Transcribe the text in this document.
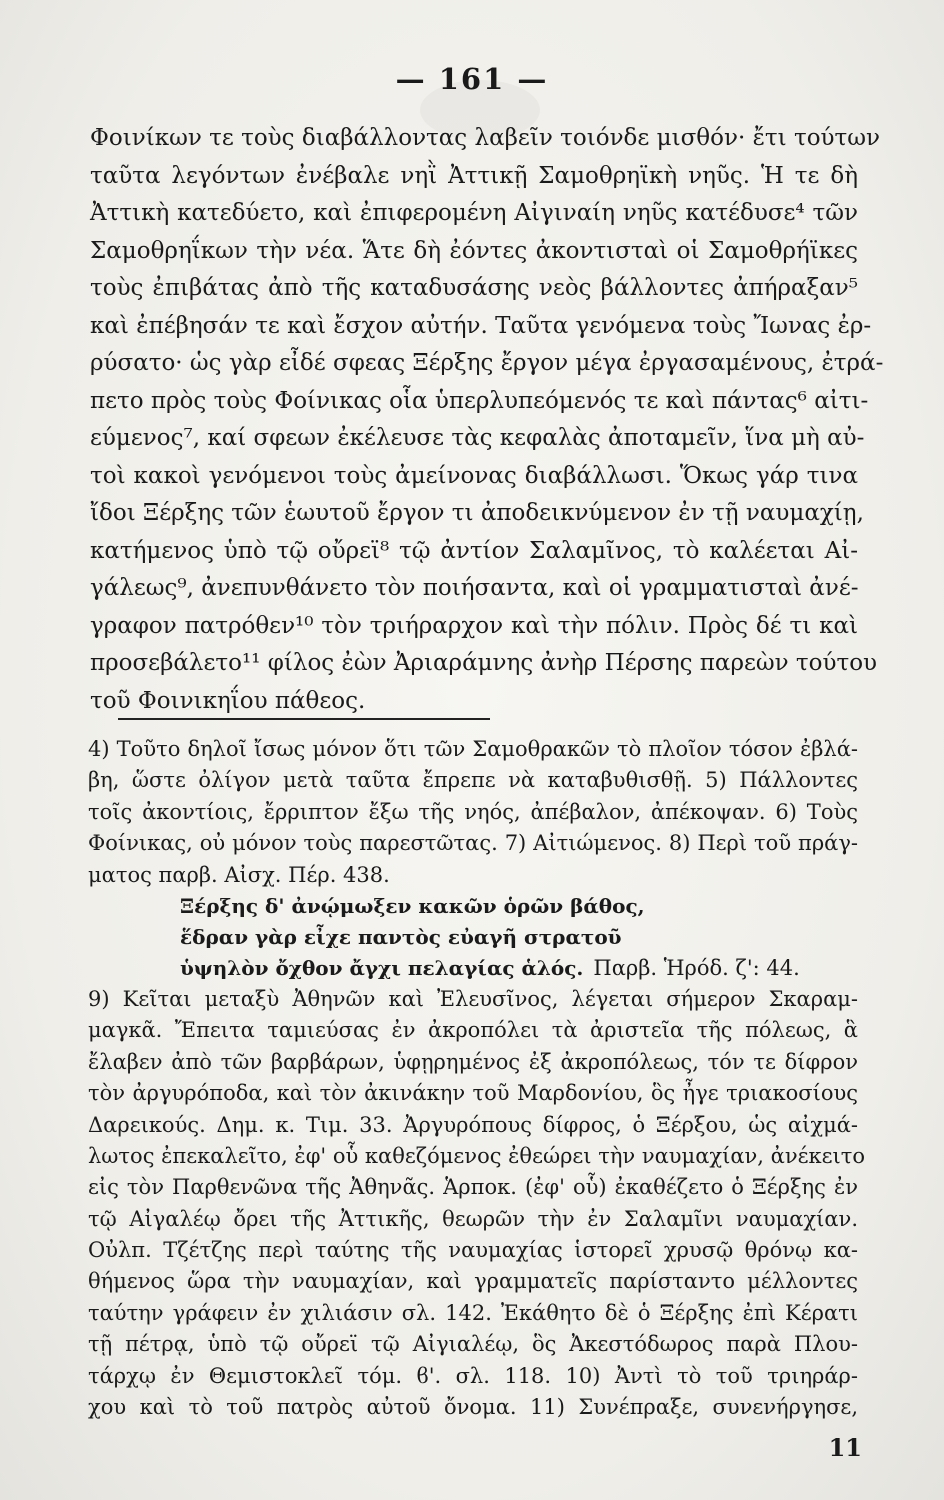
— 161 —
Φοινίκων τε τοὺς διαβάλλοντας λαβεῖν τοιόνδε μισθόν· ἔτι τούτων
ταῦτα λεγόντων ἐνέβαλε νηῒ Ἀττικῇ Σαμοθρηϊκὴ νηῦς. Ἡ τε δὴ
Ἀττικὴ κατεδύετο, καὶ ἐπιφερομένη Αἰγιναίη νηῦς κατέδυσε⁴ τῶν
Σαμοθρηΐκων τὴν νέα. Ἅτε δὴ ἐόντες ἀκοντισταὶ οἱ Σαμοθρήϊκες
τοὺς ἐπιβάτας ἀπὸ τῆς καταδυσάσης νεὸς βάλλοντες ἀπήραξαν⁵
καὶ ἐπέβησάν τε καὶ ἔσχον αὐτήν. Ταῦτα γενόμενα τοὺς Ἴωνας ἐρ-
ρύσατο· ὡς γὰρ εἶδέ σφεας Ξέρξης ἔργον μέγα ἐργασαμένους, ἐτρά-
πετο πρὸς τοὺς Φοίνικας οἷα ὑπερλυπεόμενός τε καὶ πάντας⁶ αἰτι-
εύμενος⁷, καί σφεων ἐκέλευσε τὰς κεφαλὰς ἀποταμεῖν, ἵνα μὴ αὐ-
τοὶ κακοὶ γενόμενοι τοὺς ἀμείνονας διαβάλλωσι. Ὅκως γάρ τινα
ἴδοι Ξέρξης τῶν ἑωυτοῦ ἔργον τι ἀποδεικνύμενον ἐν τῇ ναυμαχίῃ,
κατήμενος ὑπὸ τῷ οὔρεϊ⁸ τῷ ἀντίον Σαλαμῖνος, τὸ καλέεται Αἰ-
γάλεως⁹, ἀνεπυνθάνετο τὸν ποιήσαντα, καὶ οἱ γραμματισταὶ ἀνέ-
γραφον πατρόθεν¹⁰ τὸν τριήραρχον καὶ τὴν πόλιν. Πρὸς δέ τι καὶ
προσεβάλετο¹¹ φίλος ἐὼν Ἀριαράμνης ἀνὴρ Πέρσης παρεὼν τούτου
τοῦ Φοινικηΐου πάθεος.
4) Τοῦτο δηλοῖ ἴσως μόνον ὅτι τῶν Σαμοθρακῶν τὸ πλοῖον τόσον ἐβλά-
βη, ὥστε ὀλίγον μετὰ ταῦτα ἔπρεπε νὰ καταβυθισθῇ. 5) Πάλλοντες
τοῖς ἀκοντίοις, ἔρριπτον ἔξω τῆς νηός, ἀπέβαλον, ἀπέκοψαν. 6) Τοὺς
Φοίνικας, οὐ μόνον τοὺς παρεστῶτας. 7) Αἰτιώμενος. 8) Περὶ τοῦ πράγ-
ματος παρβ. Αἰσχ. Πέρ. 438.
Ξέρξης δ' ἀνῴμωξεν κακῶν ὁρῶν βάθος,
ἕδραν γὰρ εἶχε παντὸς εὐαγῆ στρατοῦ
ὑψηλὸν ὄχθον ἄγχι πελαγίας ἁλός. Παρβ. Ἡρόδ. ζ': 44.
9) Κεῖται μεταξὺ Ἀθηνῶν καὶ Ἐλευσῖνος, λέγεται σήμερον Σκαραμ-
μαγκᾶ. Ἔπειτα ταμιεύσας ἐν ἀκροπόλει τὰ ἀριστεῖα τῆς πόλεως, ἃ
ἔλαβεν ἀπὸ τῶν βαρβάρων, ὑφῃρημένος ἐξ ἀκροπόλεως, τόν τε δίφρον
τὸν ἀργυρόποδα, καὶ τὸν ἀκινάκην τοῦ Μαρδονίου, ὃς ἦγε τριακοσίους
Δαρεικούς. Δημ. κ. Τιμ. 33. Ἀργυρόπους δίφρος, ὁ Ξέρξου, ὡς αἰχμά-
λωτος ἐπεκαλεῖτο, ἐφ' οὗ καθεζόμενος ἐθεώρει τὴν ναυμαχίαν, ἀνέκειτο
εἰς τὸν Παρθενῶνα τῆς Ἀθηνᾶς. Ἁρποκ. (ἐφ' οὗ) ἐκαθέζετο ὁ Ξέρξης ἐν
τῷ Αἰγαλέῳ ὄρει τῆς Ἀττικῆς, θεωρῶν τὴν ἐν Σαλαμῖνι ναυμαχίαν.
Οὐλπ. Τζέτζης περὶ ταύτης τῆς ναυμαχίας ἱστορεῖ χρυσῷ θρόνῳ κα-
θήμενος ὥρα τὴν ναυμαχίαν, καὶ γραμματεῖς παρίσταντο μέλλοντες
ταύτην γράφειν ἐν χιλιάσιν σλ. 142. Ἐκάθητο δὲ ὁ Ξέρξης ἐπὶ Κέρατι
τῇ πέτρᾳ, ὑπὸ τῷ οὔρεϊ τῷ Αἰγιαλέῳ, ὃς Ἀκεστόδωρος παρὰ Πλου-
τάρχῳ ἐν Θεμιστοκλεῖ τόμ. ϐ'. σλ. 118. 10) Ἀντὶ τὸ τοῦ τριηράρ-
χου καὶ τὸ τοῦ πατρὸς αὐτοῦ ὄνομα. 11) Συνέπραξε, συνενήργησε,
11
